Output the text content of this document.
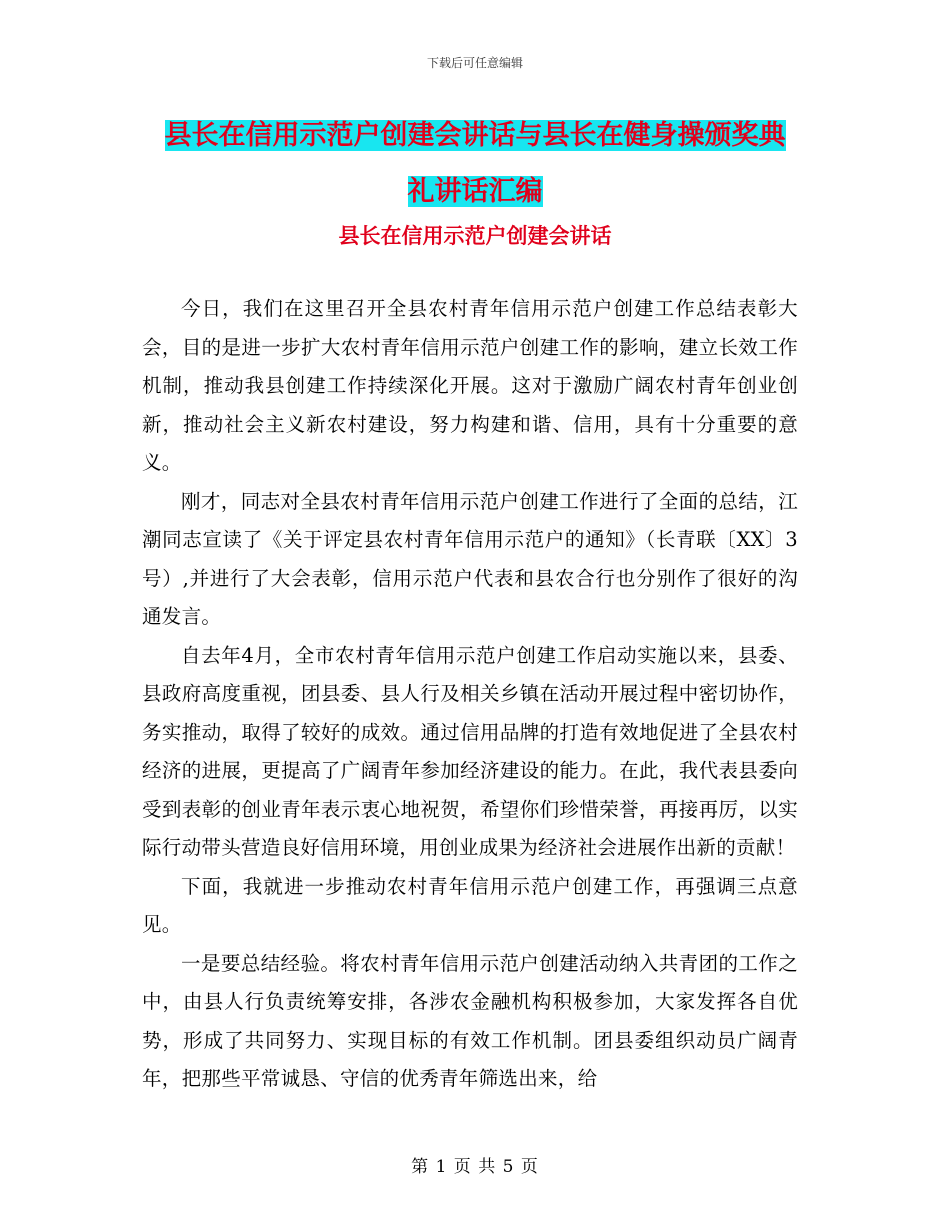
下载后可任意编辑
县长在信用示范户创建会讲话与县长在健身操颁奖典
礼讲话汇编
县长在信用示范户创建会讲话

今日，我们在这里召开全县农村青年信用示范户创建工作总结表彰大会，目的是进一步扩大农村青年信用示范户创建工作的影响，建立长效工作机制，推动我县创建工作持续深化开展。这对于激励广阔农村青年创业创新，推动社会主义新农村建设，努力构建和谐、信用，具有十分重要的意义。

刚才，同志对全县农村青年信用示范户创建工作进行了全面的总结，江潮同志宣读了《关于评定县农村青年信用示范户的通知》（长青联〔XX〕3号）,并进行了大会表彰，信用示范户代表和县农合行也分别作了很好的沟通发言。

自去年4月，全市农村青年信用示范户创建工作启动实施以来，县委、县政府高度重视，团县委、县人行及相关乡镇在活动开展过程中密切协作，务实推动，取得了较好的成效。通过信用品牌的打造有效地促进了全县农村经济的进展，更提高了广阔青年参加经济建设的能力。在此，我代表县委向受到表彰的创业青年表示衷心地祝贺，希望你们珍惜荣誉，再接再厉，以实际行动带头营造良好信用环境，用创业成果为经济社会进展作出新的贡献！

下面，我就进一步推动农村青年信用示范户创建工作，再强调三点意见。

一是要总结经验。将农村青年信用示范户创建活动纳入共青团的工作之中，由县人行负责统筹安排，各涉农金融机构积极参加，大家发挥各自优势，形成了共同努力、实现目标的有效工作机制。团县委组织动员广阔青年，把那些平常诚恳、守信的优秀青年筛选出来，给

第 1 页 共 5 页
